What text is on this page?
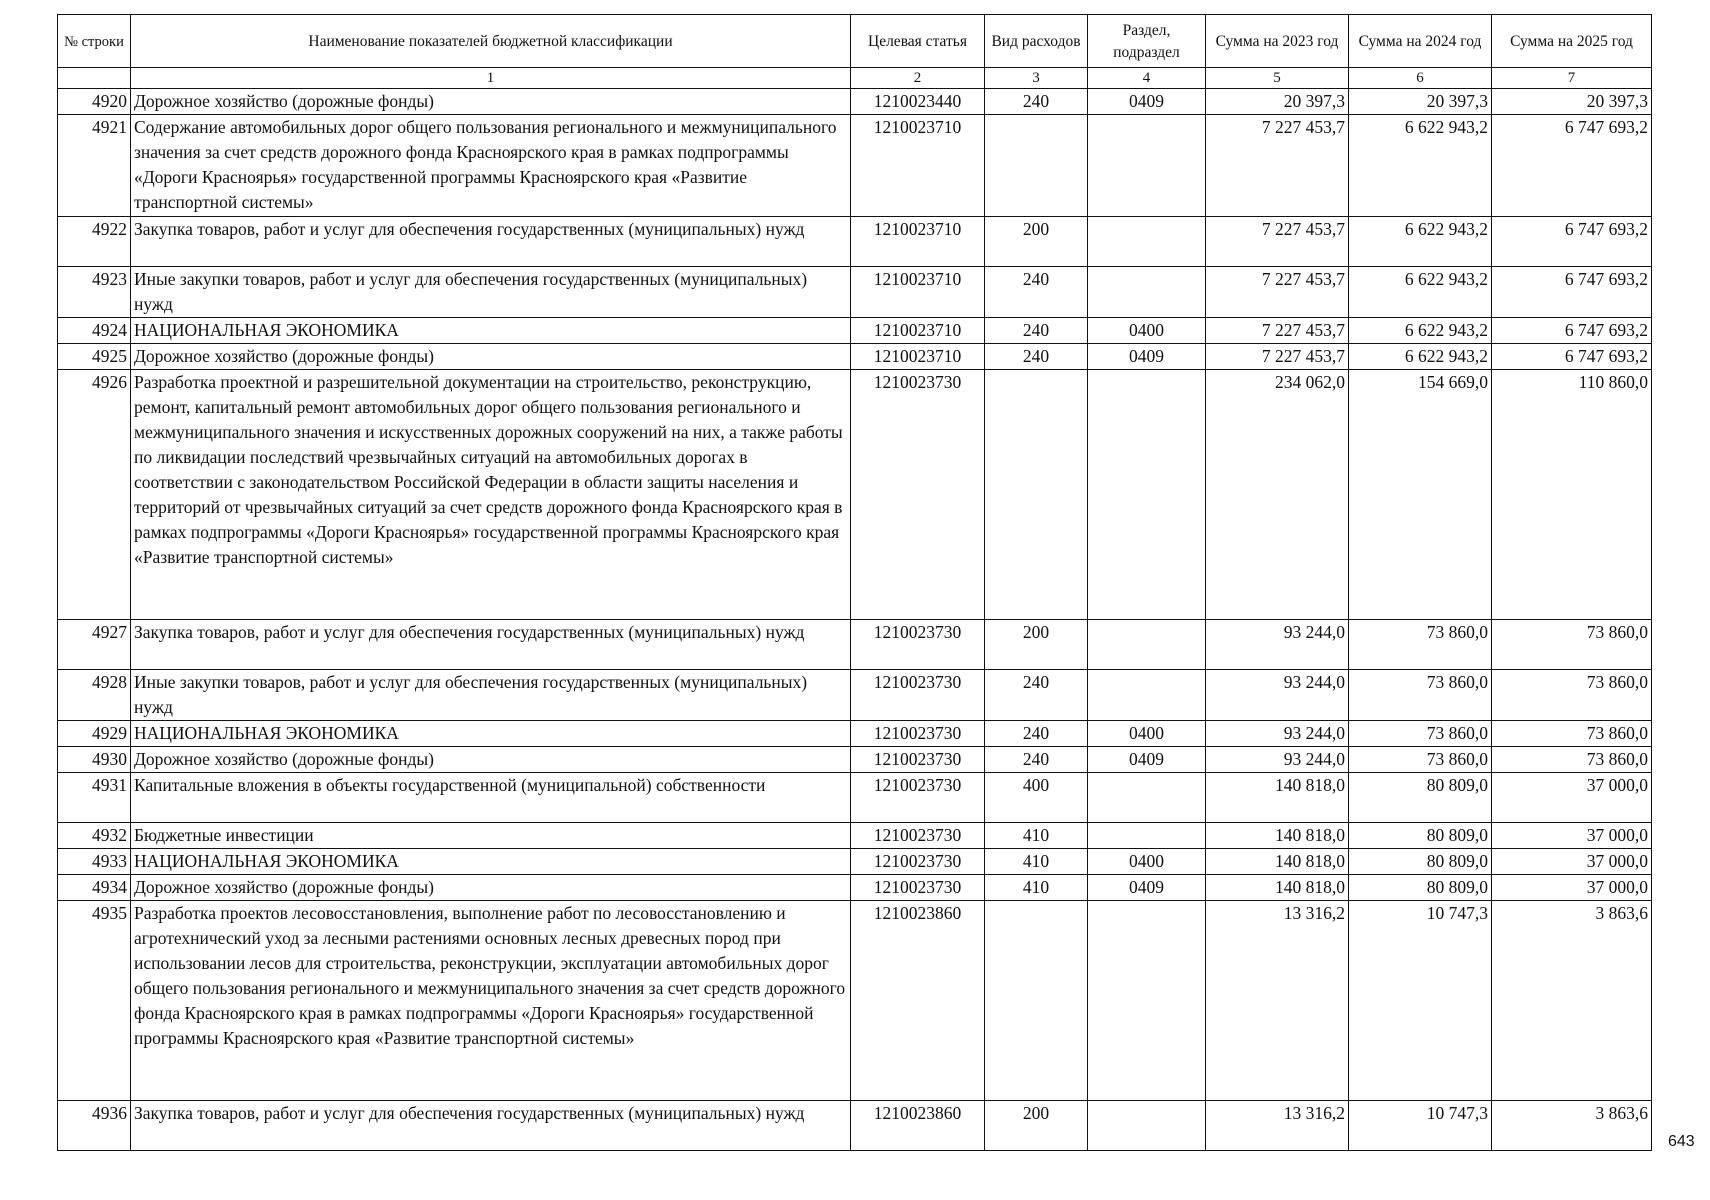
№ строки	Наименование показателей бюджетной классификации	Целевая статья	Вид расходов	Раздел, подраздел	Сумма на 2023 год	Сумма на 2024 год	Сумма на 2025 год
	1	2	3	4	5	6	7
4920	Дорожное хозяйство (дорожные фонды)	1210023440	240	0409	20 397,3	20 397,3	20 397,3
4921	Содержание автомобильных дорог общего пользования регионального и межмуниципального значения за счет средств дорожного фонда Красноярского края в рамках подпрограммы «Дороги Красноярья» государственной программы Красноярского края «Развитие транспортной системы»	1210023710			7 227 453,7	6 622 943,2	6 747 693,2
4922	Закупка товаров, работ и услуг для обеспечения государственных (муниципальных) нужд	1210023710	200		7 227 453,7	6 622 943,2	6 747 693,2
4923	Иные закупки товаров, работ и услуг для обеспечения государственных (муниципальных) нужд	1210023710	240		7 227 453,7	6 622 943,2	6 747 693,2
4924	НАЦИОНАЛЬНАЯ ЭКОНОМИКА	1210023710	240	0400	7 227 453,7	6 622 943,2	6 747 693,2
4925	Дорожное хозяйство (дорожные фонды)	1210023710	240	0409	7 227 453,7	6 622 943,2	6 747 693,2
4926	Разработка проектной и разрешительной документации на строительство, реконструкцию, ремонт, капитальный ремонт автомобильных дорог общего пользования регионального и межмуниципального значения и искусственных дорожных сооружений на них, а также работы по ликвидации последствий чрезвычайных ситуаций на автомобильных дорогах в соответствии с законодательством Российской Федерации в области защиты населения и территорий от чрезвычайных ситуаций за счет средств дорожного фонда Красноярского края в рамках подпрограммы «Дороги Красноярья» государственной программы Красноярского края «Развитие транспортной системы»	1210023730			234 062,0	154 669,0	110 860,0
4927	Закупка товаров, работ и услуг для обеспечения государственных (муниципальных) нужд	1210023730	200		93 244,0	73 860,0	73 860,0
4928	Иные закупки товаров, работ и услуг для обеспечения государственных (муниципальных) нужд	1210023730	240		93 244,0	73 860,0	73 860,0
4929	НАЦИОНАЛЬНАЯ ЭКОНОМИКА	1210023730	240	0400	93 244,0	73 860,0	73 860,0
4930	Дорожное хозяйство (дорожные фонды)	1210023730	240	0409	93 244,0	73 860,0	73 860,0
4931	Капитальные вложения в объекты государственной (муниципальной) собственности	1210023730	400		140 818,0	80 809,0	37 000,0
4932	Бюджетные инвестиции	1210023730	410		140 818,0	80 809,0	37 000,0
4933	НАЦИОНАЛЬНАЯ ЭКОНОМИКА	1210023730	410	0400	140 818,0	80 809,0	37 000,0
4934	Дорожное хозяйство (дорожные фонды)	1210023730	410	0409	140 818,0	80 809,0	37 000,0
4935	Разработка проектов лесовосстановления, выполнение работ по лесовосстановлению и агротехнический уход за лесными растениями основных лесных древесных пород при использовании лесов для строительства, реконструкции, эксплуатации автомобильных дорог общего пользования регионального и межмуниципального значения за счет средств дорожного фонда Красноярского края в рамках подпрограммы «Дороги Красноярья» государственной программы Красноярского края «Развитие транспортной системы»	1210023860			13 316,2	10 747,3	3 863,6
4936	Закупка товаров, работ и услуг для обеспечения государственных (муниципальных) нужд	1210023860	200		13 316,2	10 747,3	3 863,6
643
